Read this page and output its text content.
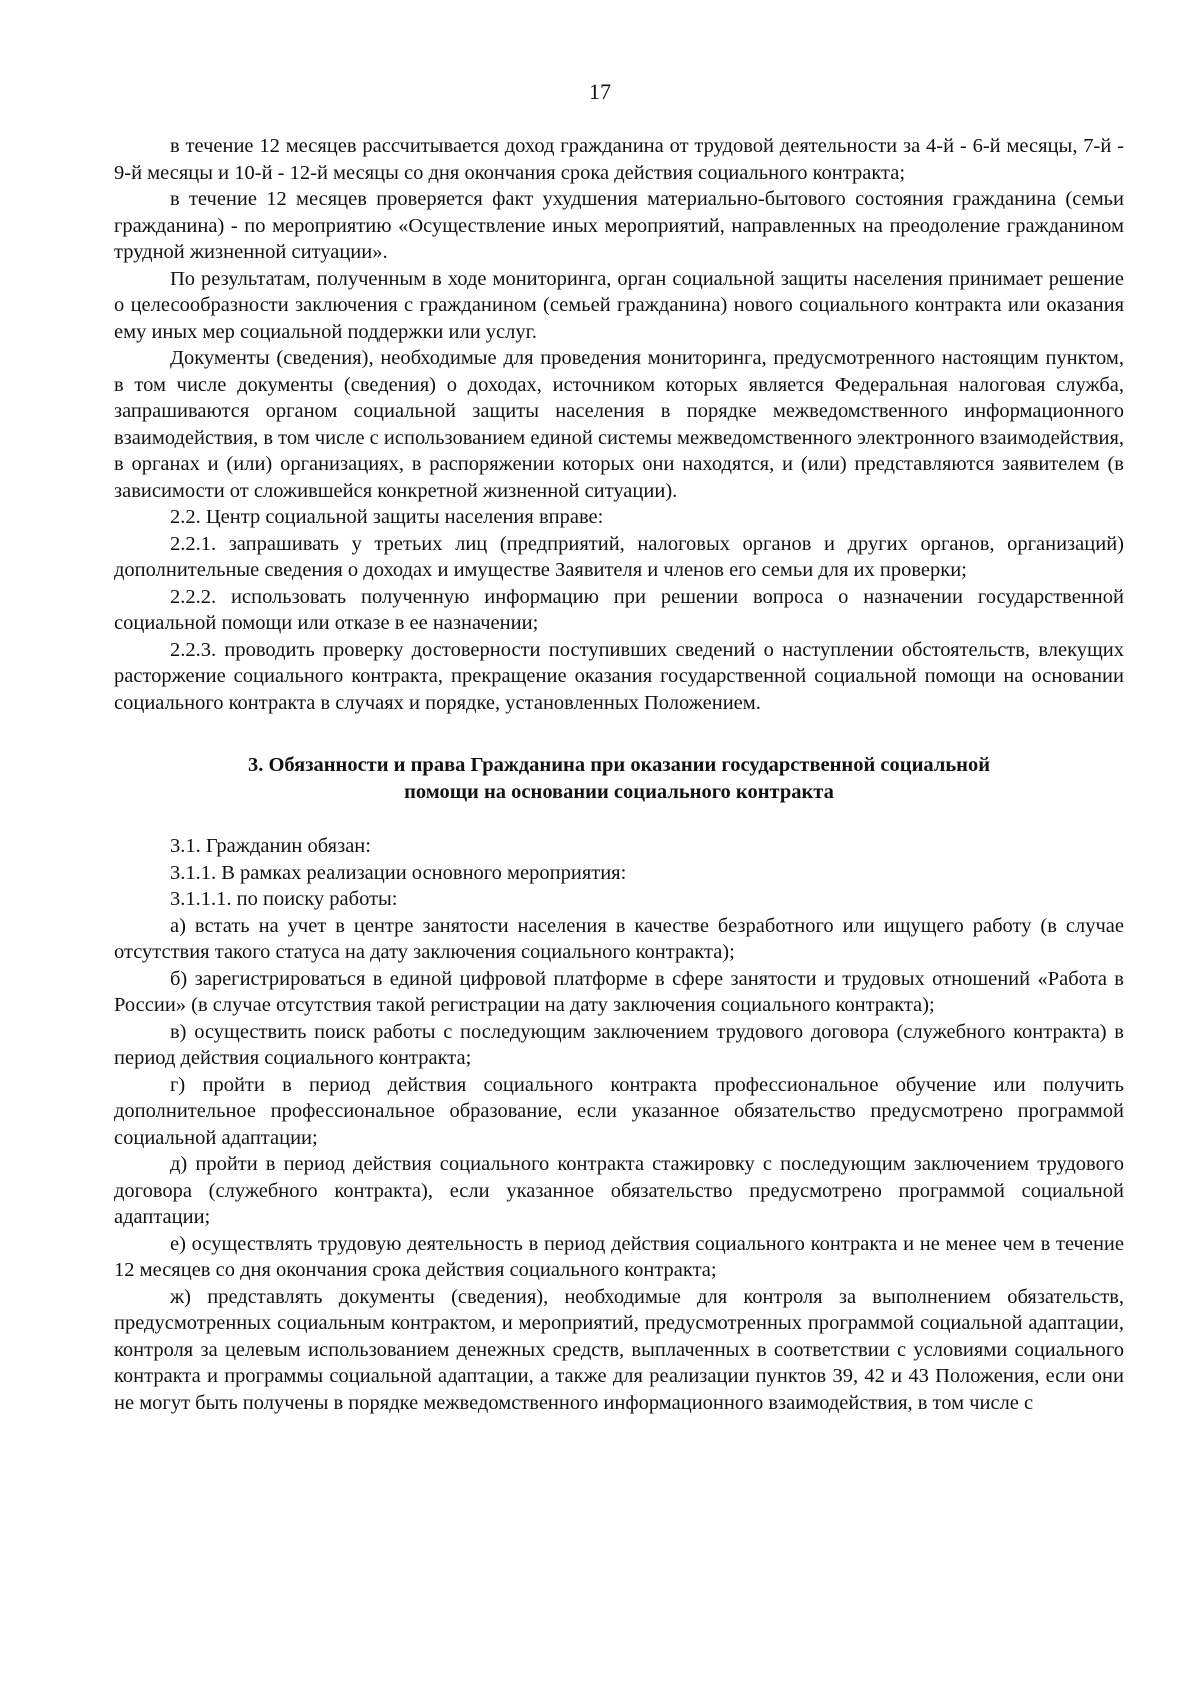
17

в течение 12 месяцев рассчитывается доход гражданина от трудовой деятельности за 4-й - 6-й месяцы, 7-й - 9-й месяцы и 10-й - 12-й месяцы со дня окончания срока действия социального контракта;

в течение 12 месяцев проверяется факт ухудшения материально-бытового состояния гражданина (семьи гражданина) - по мероприятию «Осуществление иных мероприятий, направленных на преодоление гражданином трудной жизненной ситуации».

По результатам, полученным в ходе мониторинга, орган социальной защиты населения принимает решение о целесообразности заключения с гражданином (семьей гражданина) нового социального контракта или оказания ему иных мер социальной поддержки или услуг.

Документы (сведения), необходимые для проведения мониторинга, предусмотренного настоящим пунктом, в том числе документы (сведения) о доходах, источником которых является Федеральная налоговая служба, запрашиваются органом социальной защиты населения в порядке межведомственного информационного взаимодействия, в том числе с использованием единой системы межведомственного электронного взаимодействия, в органах и (или) организациях, в распоряжении которых они находятся, и (или) представляются заявителем (в зависимости от сложившейся конкретной жизненной ситуации).

2.2. Центр социальной защиты населения вправе:

2.2.1. запрашивать у третьих лиц (предприятий, налоговых органов и других органов, организаций) дополнительные сведения о доходах и имуществе Заявителя и членов его семьи для их проверки;

2.2.2. использовать полученную информацию при решении вопроса о назначении государственной социальной помощи или отказе в ее назначении;

2.2.3. проводить проверку достоверности поступивших сведений о наступлении обстоятельств, влекущих расторжение социального контракта, прекращение оказания государственной социальной помощи на основании социального контракта в случаях и порядке, установленных Положением.

3. Обязанности и права Гражданина при оказании государственной социальной
помощи на основании социального контракта

3.1. Гражданин обязан:

3.1.1. В рамках реализации основного мероприятия:

3.1.1.1. по поиску работы:

а) встать на учет в центре занятости населения в качестве безработного или ищущего работу (в случае отсутствия такого статуса на дату заключения социального контракта);

б) зарегистрироваться в единой цифровой платформе в сфере занятости и трудовых отношений «Работа в России» (в случае отсутствия такой регистрации на дату заключения социального контракта);

в) осуществить поиск работы с последующим заключением трудового договора (служебного контракта) в период действия социального контракта;

г) пройти в период действия социального контракта профессиональное обучение или получить дополнительное профессиональное образование, если указанное обязательство предусмотрено программой социальной адаптации;

д) пройти в период действия социального контракта стажировку с последующим заключением трудового договора (служебного контракта), если указанное обязательство предусмотрено программой социальной адаптации;

е) осуществлять трудовую деятельность в период действия социального контракта и не менее чем в течение 12 месяцев со дня окончания срока действия социального контракта;

ж) представлять документы (сведения), необходимые для контроля за выполнением обязательств, предусмотренных социальным контрактом, и мероприятий, предусмотренных программой социальной адаптации, контроля за целевым использованием денежных средств, выплаченных в соответствии с условиями социального контракта и программы социальной адаптации, а также для реализации пунктов 39, 42 и 43 Положения, если они не могут быть получены в порядке межведомственного информационного взаимодействия, в том числе с
